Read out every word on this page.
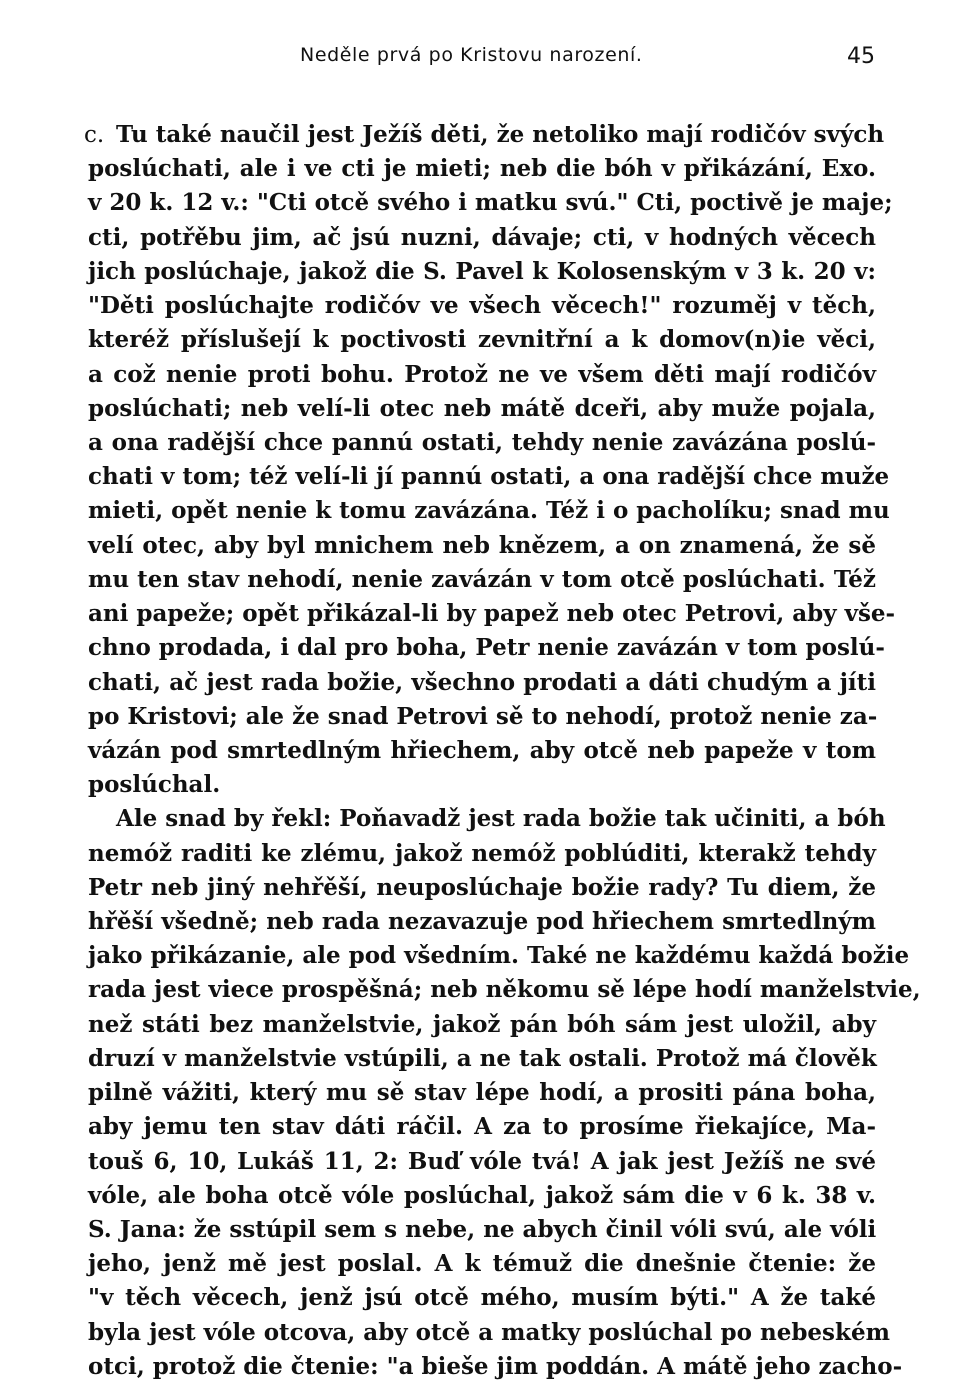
Neděle prvá po Kristovu narození.	45
c. Tu také naučil jest Ježíš děti, že netoliko mají rodičóv svých
poslúchati, ale i ve cti je mieti; neb die bóh v přikázání, Exo.
v 20 k. 12 v.: "Cti otcě svého i matku svú." Cti, poctivě je maje;
cti, potřěbu jim, ač jsú nuzni, dávaje; cti, v hodných věcech
jich poslúchaje, jakož die S. Pavel k Kolosenským v 3 k. 20 v:
"Děti poslúchajte rodičóv ve všech věcech!" rozuměj v těch,
kteréž příslušejí k poctivosti zevnitřní a k domov(n)ie věci,
a což nenie proti bohu. Protož ne ve všem děti mají rodičóv
poslúchati; neb velí-li otec neb mátě dceři, aby muže pojala,
a ona radější chce pannú ostati, tehdy nenie zavázána poslú-
chati v tom; též velí-li jí pannú ostati, a ona radější chce muže
mieti, opět nenie k tomu zavázána. Též i o pacholíku; snad mu
velí otec, aby byl mnichem neb knězem, a on znamená, že sě
mu ten stav nehodí, nenie zavázán v tom otcě poslúchati. Též
ani papeže; opět přikázal-li by papež neb otec Petrovi, aby vše-
chno prodada, i dal pro boha, Petr nenie zavázán v tom poslú-
chati, ač jest rada božie, všechno prodati a dáti chudým a jíti
po Kristovi; ale že snad Petrovi sě to nehodí, protož nenie za-
vázán pod smrtedlným hřiechem, aby otcě neb papeže v tom
poslúchal.
Ale snad by řekl: Poňavadž jest rada božie tak učiniti, a bóh
nemóž raditi ke zlému, jakož nemóž poblúditi, kterakž tehdy
Petr neb jiný nehřěší, neuposlúchaje božie rady? Tu diem, že
hřěší všedně; neb rada nezavazuje pod hřiechem smrtedlným
jako přikázanie, ale pod všedním. Také ne každému každá božie
rada jest viece prospěšná; neb někomu sě lépe hodí manželstvie,
než státi bez manželstvie, jakož pán bóh sám jest uložil, aby
druzí v manželstvie vstúpili, a ne tak ostali. Protož má člověk
pilně vážiti, který mu sě stav lépe hodí, a prositi pána boha,
aby jemu ten stav dáti ráčil. A za to prosíme řiekajíce, Ma-
touš 6, 10, Lukáš 11, 2: Buď vóle tvá! A jak jest Ježíš ne své
vóle, ale boha otcě vóle poslúchal, jakož sám die v 6 k. 38 v.
S. Jana: že sstúpil sem s nebe, ne abych činil vóli svú, ale vóli
jeho, jenž mě jest poslal. A k témuž die dnešnie čtenie: že
"v těch věcech, jenž jsú otcě mého, musím býti." A že také
byla jest vóle otcova, aby otcě a matky poslúchal po nebeském
otci, protož die čtenie: "a bieše jim poddán. A mátě jeho zacho-
